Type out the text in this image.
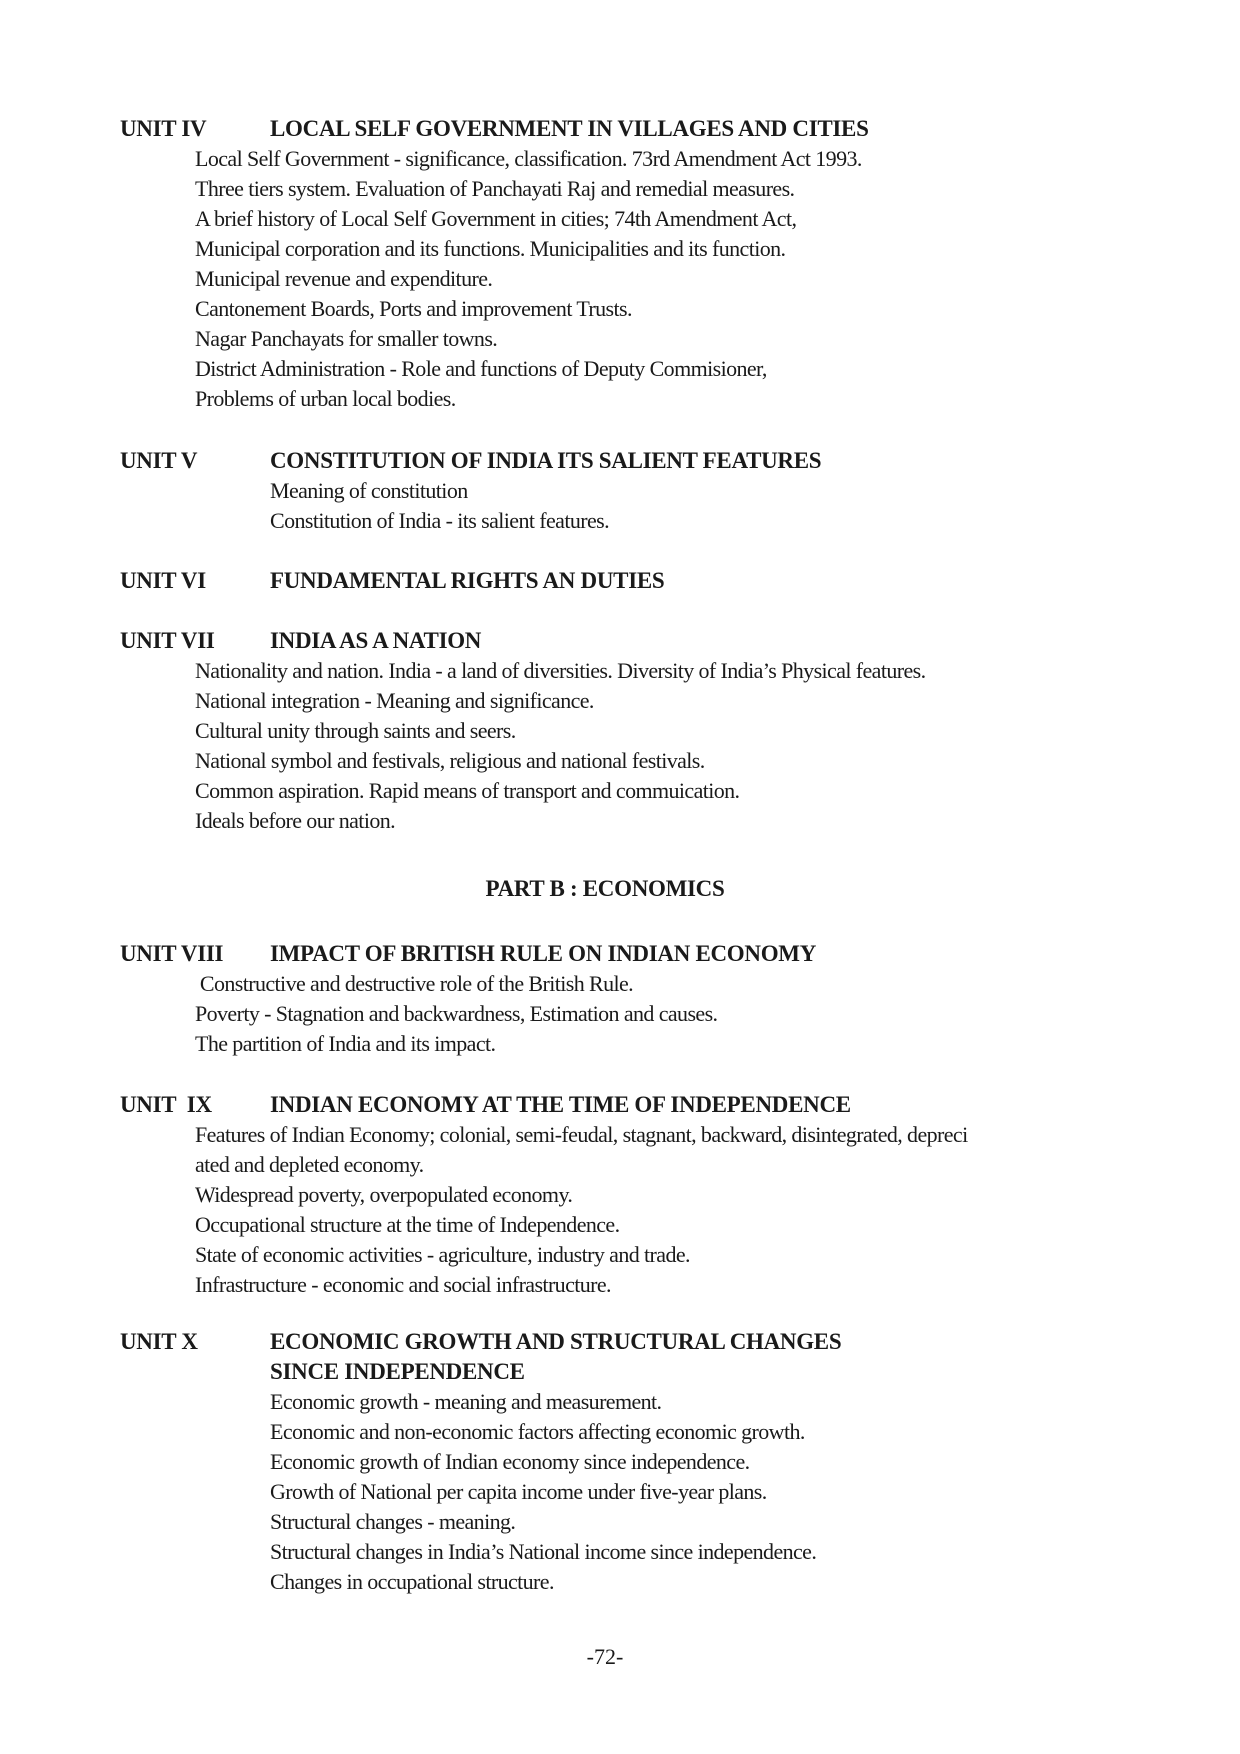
UNIT IV	LOCAL SELF GOVERNMENT IN VILLAGES AND CITIES
Local Self Government - significance, classification. 73rd Amendment Act 1993.
Three tiers system. Evaluation of Panchayati Raj and remedial measures.
A brief history of Local Self Government in cities; 74th Amendment Act,
Municipal corporation and its functions. Municipalities and its function.
Municipal revenue and expenditure.
Cantonement Boards, Ports and improvement Trusts.
Nagar Panchayats for smaller towns.
District Administration - Role and functions of Deputy Commisioner,
Problems of urban local bodies.
UNIT V	CONSTITUTION OF INDIA ITS SALIENT FEATURES
Meaning of constitution
Constitution of India - its salient features.
UNIT VI	FUNDAMENTAL RIGHTS AN DUTIES
UNIT VII INDIA AS A NATION
Nationality and nation. India - a land of diversities. Diversity of India’s Physical features.
National integration - Meaning and significance.
Cultural unity through saints and seers.
National symbol and festivals, religious and national festivals.
Common aspiration. Rapid means of transport and commuication.
Ideals before our nation.
PART B : ECONOMICS
UNIT VIII IMPACT OF BRITISH RULE ON INDIAN ECONOMY
Constructive and destructive role of the British Rule.
Poverty - Stagnation and backwardness, Estimation and causes.
The partition of India and its impact.
UNIT  IX	INDIAN ECONOMY AT THE TIME OF INDEPENDENCE
Features of Indian Economy; colonial, semi-feudal, stagnant, backward, disintegrated, depreci
ated and depleted economy.
Widespread poverty, overpopulated economy.
Occupational structure at the time of Independence.
State of economic activities - agriculture, industry and trade.
Infrastructure - economic and social infrastructure.
UNIT X	ECONOMIC GROWTH AND STRUCTURAL CHANGES
SINCE INDEPENDENCE
Economic growth - meaning and measurement.
Economic and non-economic factors affecting economic growth.
Economic growth of Indian economy since independence.
Growth of National per capita income under five-year plans.
Structural changes - meaning.
Structural changes in India’s National income since independence.
Changes in occupational structure.
-72-
